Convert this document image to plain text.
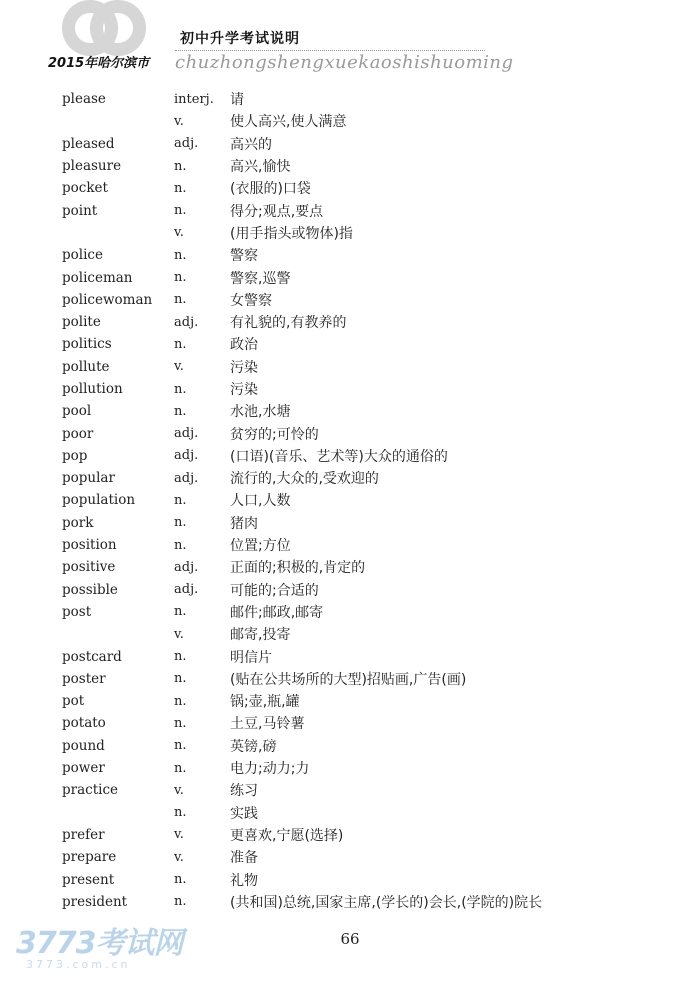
初中升学考试说明
2015年哈尔滨市 chuzhongshengxuekaoshishuoming
please	interj.	请
v.	使人高兴,使人满意
pleased	adj.	高兴的
pleasure	n.	高兴,愉快
pocket	n.	(衣服的)口袋
point	n.	得分;观点,要点
v.	(用手指头或物体)指
police	n.	警察
policeman	n.	警察,巡警
policewoman	n.	女警察
polite	adj.	有礼貌的,有教养的
politics	n.	政治
pollute	v.	污染
pollution	n.	污染
pool	n.	水池,水塘
poor	adj.	贫穷的;可怜的
pop	adj.	(口语)(音乐、艺术等)大众的通俗的
popular	adj.	流行的,大众的,受欢迎的
population	n.	人口,人数
pork	n.	猪肉
position	n.	位置;方位
positive	adj.	正面的;积极的,肯定的
possible	adj.	可能的;合适的
post	n.	邮件;邮政,邮寄
v.	邮寄,投寄
postcard	n.	明信片
poster	n.	(贴在公共场所的大型)招贴画,广告(画)
pot	n.	锅;壶,瓶,罐
potato	n.	土豆,马铃薯
pound	n.	英镑,磅
power	n.	电力;动力;力
practice	v.	练习
n.	实践
prefer	v.	更喜欢,宁愿(选择)
prepare	v.	准备
present	n.	礼物
president	n.	(共和国)总统,国家主席,(学长的)会长,(学院的)院长
3773考试网
3773.com.cn
66
